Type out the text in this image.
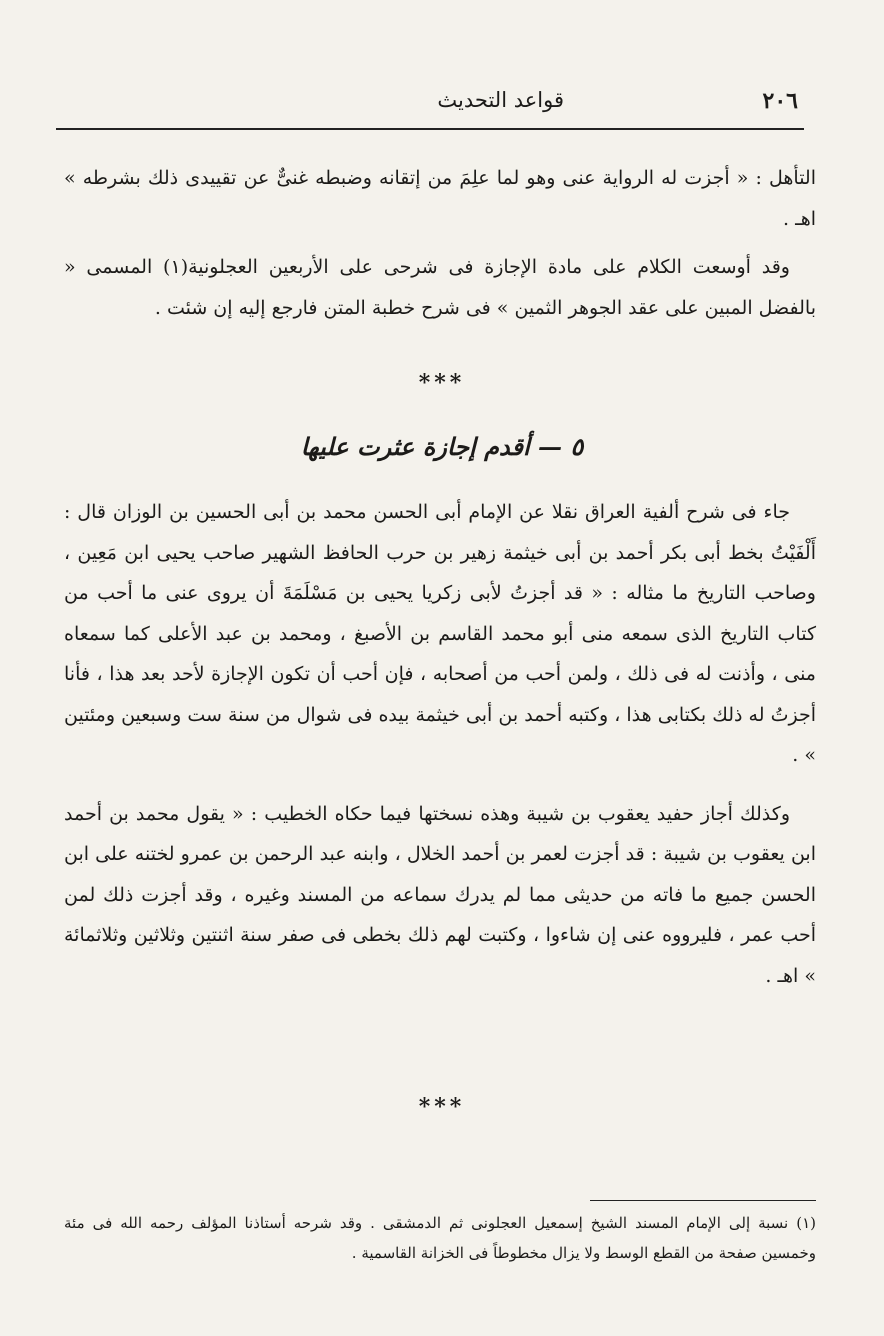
٢٠٦
قواعد التحديث

التأهل : « أجزت له الرواية عنى وهو لما علِمَ من إتقانه وضبطه غنىٌّ عن تقييدى ذلك بشرطه » اهـ .

وقد أوسعت الكلام على مادة الإجازة فى شرحى على الأربعين العجلونية(١) المسمى « بالفضل المبين على عقد الجوهر الثمين » فى شرح خطبة المتن فارجع إليه إن شئت .

***
٥ — أقدم إجازة عثرت عليها

جاء فى شرح ألفية العراق نقلا عن الإمام أبى الحسن محمد بن أبى الحسين بن الوزان قال : أَلْفَيْتُ بخط أبى بكر أحمد بن أبى خيثمة زهير بن حرب الحافظ الشهير صاحب يحيى ابن مَعِين ، وصاحب التاريخ ما مثاله : « قد أجزتُ لأبى زكريا يحيى بن مَسْلَمَةَ أن يروى عنى ما أحب من كتاب التاريخ الذى سمعه منى أبو محمد القاسم بن الأصبغ ، ومحمد بن عبد الأعلى كما سمعاه منى ، وأذنت له فى ذلك ، ولمن أحب من أصحابه ، فإن أحب أن تكون الإجازة لأحد بعد هذا ، فأنا أجزتُ له ذلك بكتابى هذا ، وكتبه أحمد بن أبى خيثمة بيده فى شوال من سنة ست وسبعين ومئتين » .

وكذلك أجاز حفيد يعقوب بن شيبة وهذه نسختها فيما حكاه الخطيب : « يقول محمد بن أحمد ابن يعقوب بن شيبة : قد أجزت لعمر بن أحمد الخلال ، وابنه عبد الرحمن بن عمرو لختنه على ابن الحسن جميع ما فاته من حديثى مما لم يدرك سماعه من المسند وغيره ، وقد أجزت ذلك لمن أحب عمر ، فليرووه عنى إن شاءوا ، وكتبت لهم ذلك بخطى فى صفر سنة اثنتين وثلاثين وثلاثمائة » اهـ .

***

(١) نسبة إلى الإمام المسند الشيخ إسمعيل العجلونى ثم الدمشقى . وقد شرحه أستاذنا المؤلف رحمه الله فى مئة وخمسين صفحة من القطع الوسط ولا يزال مخطوطاً فى الخزانة القاسمية .
